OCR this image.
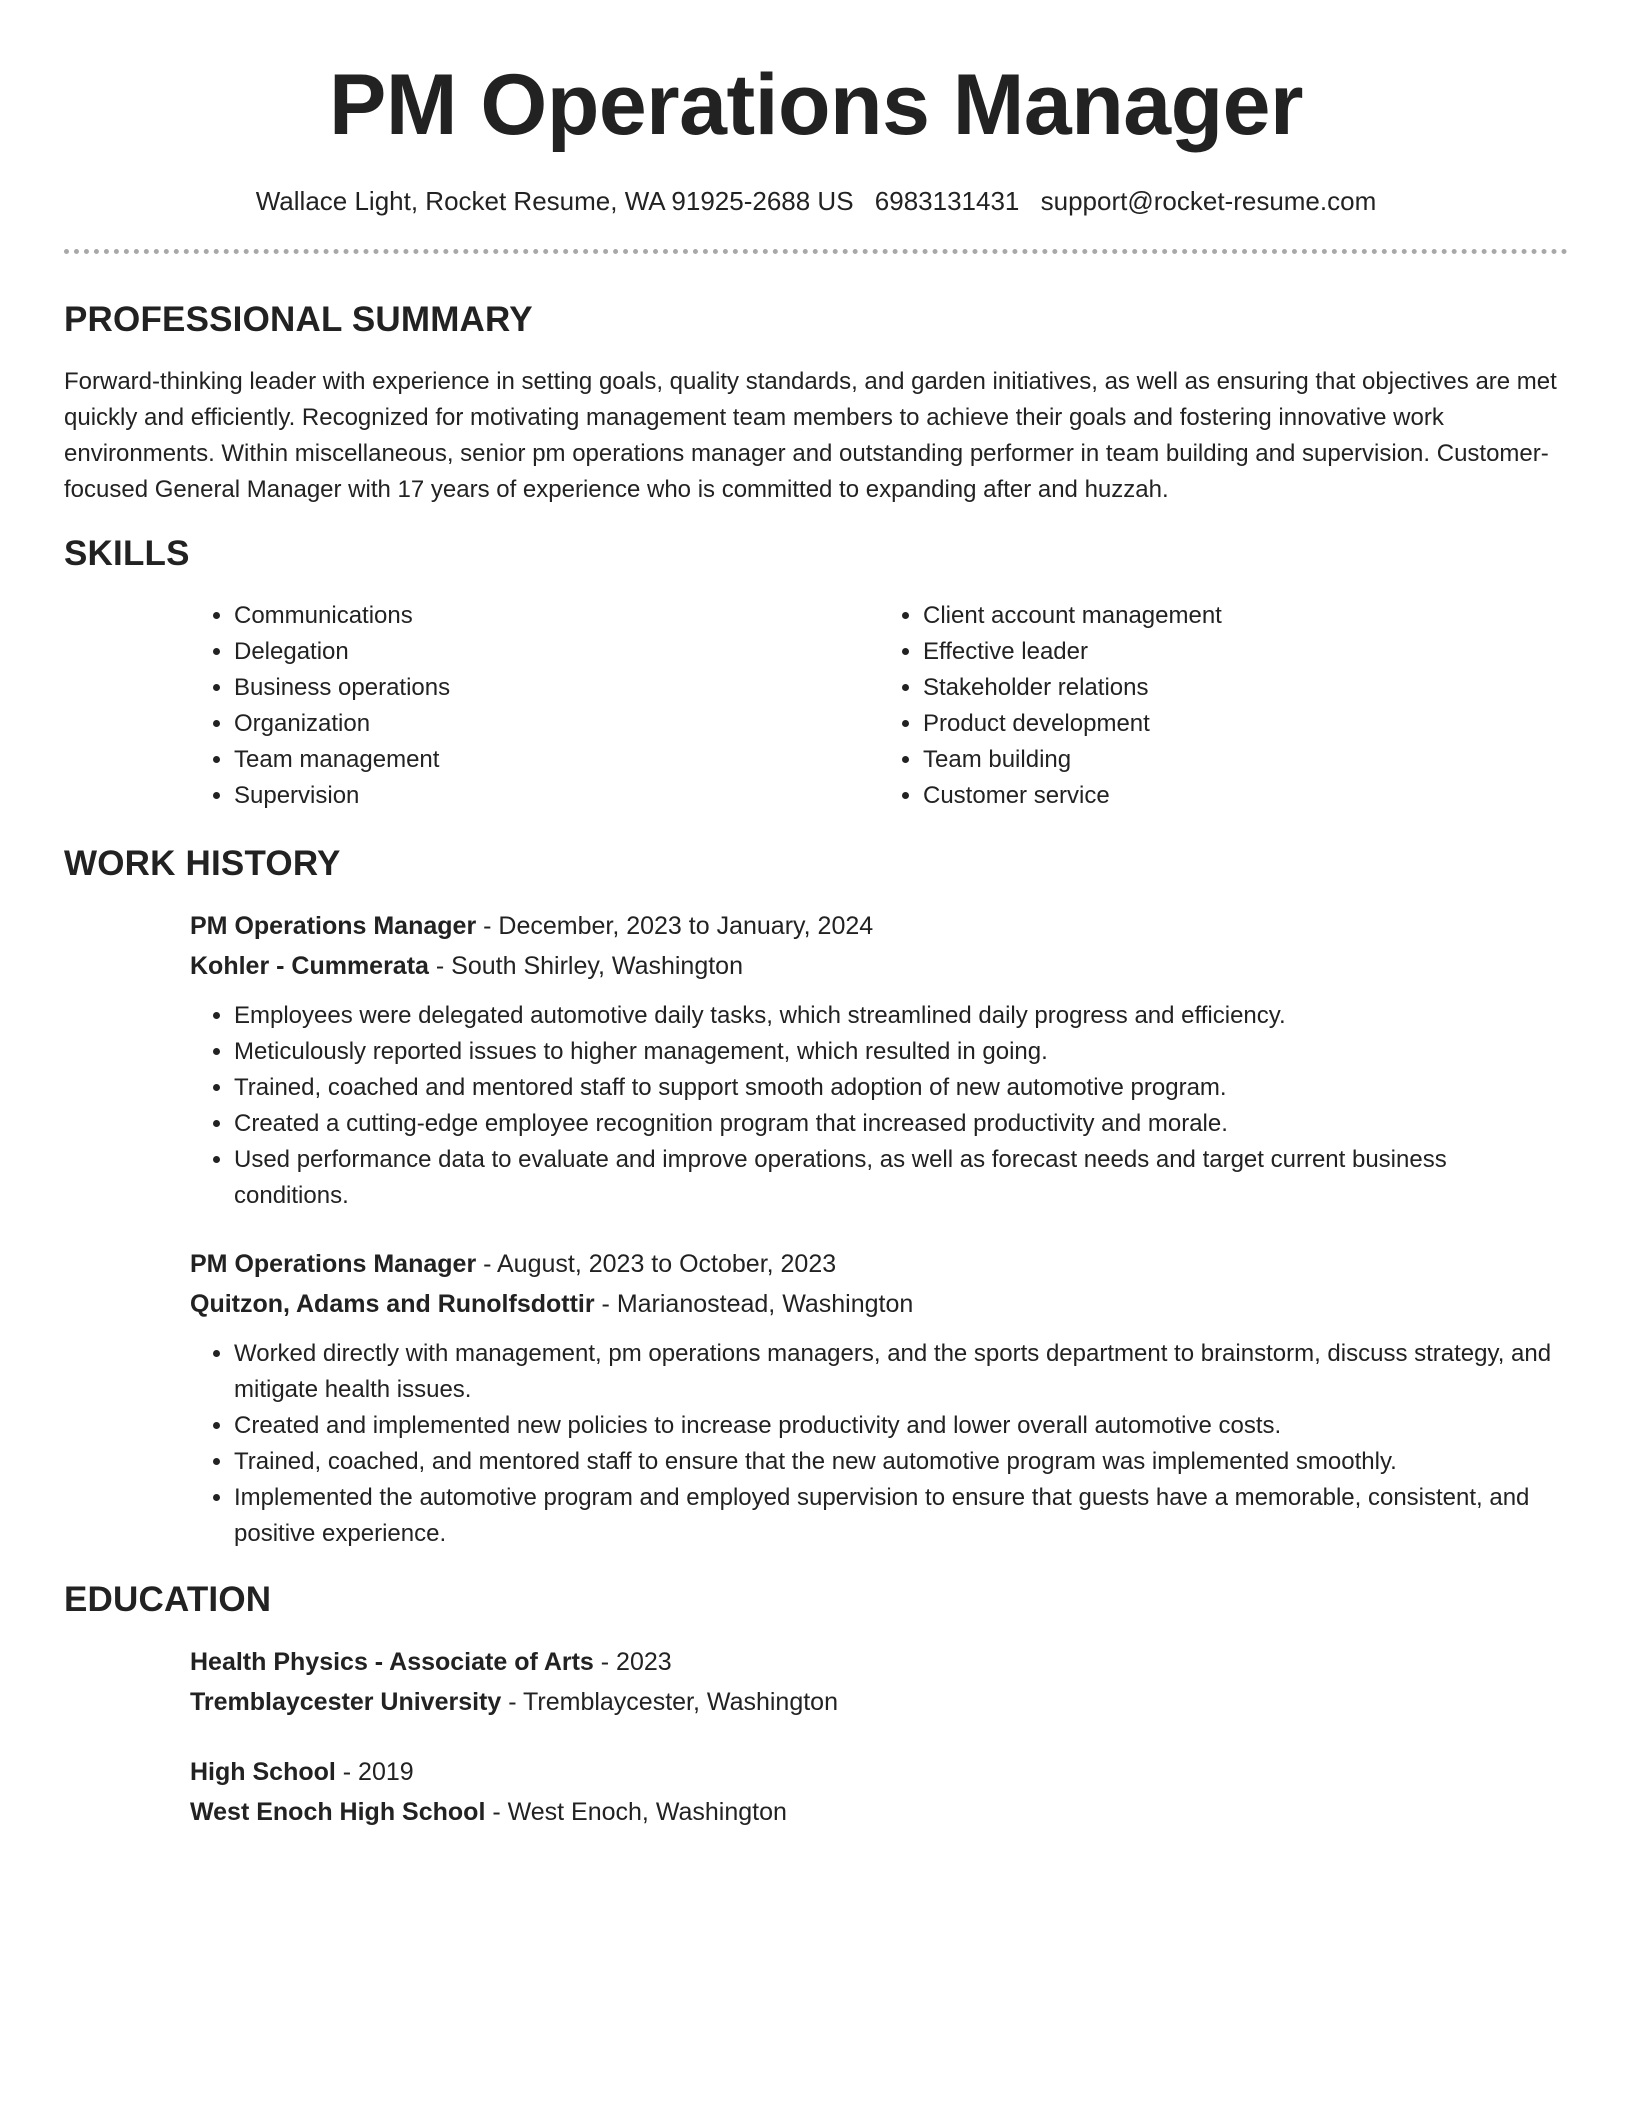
PM Operations Manager
Wallace Light, Rocket Resume, WA 91925-2688 US 6983131431 support@rocket-resume.com
PROFESSIONAL SUMMARY

Forward-thinking leader with experience in setting goals, quality standards, and garden initiatives, as well as ensuring that objectives are met quickly and efficiently. Recognized for motivating management team members to achieve their goals and fostering innovative work environments. Within miscellaneous, senior pm operations manager and outstanding performer in team building and supervision. Customer-focused General Manager with 17 years of experience who is committed to expanding after and huzzah.

SKILLS
• Communications
• Delegation
• Business operations
• Organization
• Team management
• Supervision
• Client account management
• Effective leader
• Stakeholder relations
• Product development
• Team building
• Customer service
WORK HISTORY
PM Operations Manager - December, 2023 to January, 2024
Kohler - Cummerata - South Shirley, Washington
• Employees were delegated automotive daily tasks, which streamlined daily progress and efficiency.
• Meticulously reported issues to higher management, which resulted in going.
• Trained, coached and mentored staff to support smooth adoption of new automotive program.
• Created a cutting-edge employee recognition program that increased productivity and morale.
• Used performance data to evaluate and improve operations, as well as forecast needs and target current business conditions.
PM Operations Manager - August, 2023 to October, 2023
Quitzon, Adams and Runolfsdottir - Marianostead, Washington
• Worked directly with management, pm operations managers, and the sports department to brainstorm, discuss strategy, and mitigate health issues.
• Created and implemented new policies to increase productivity and lower overall automotive costs.
• Trained, coached, and mentored staff to ensure that the new automotive program was implemented smoothly.
• Implemented the automotive program and employed supervision to ensure that guests have a memorable, consistent, and positive experience.
EDUCATION
Health Physics - Associate of Arts - 2023
Tremblaycester University - Tremblaycester, Washington
High School - 2019
West Enoch High School - West Enoch, Washington
